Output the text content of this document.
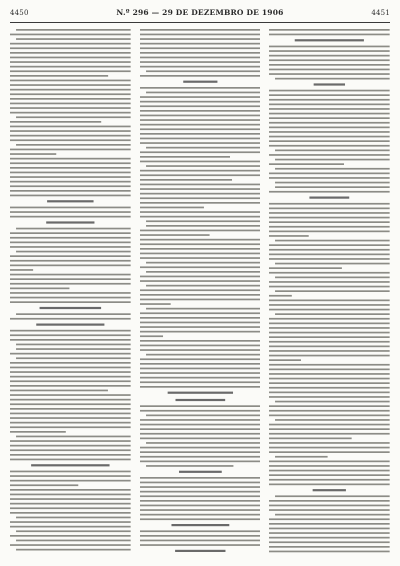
4450	N.º 296 — 29 DE DEZEMBRO DE 1906	4451
